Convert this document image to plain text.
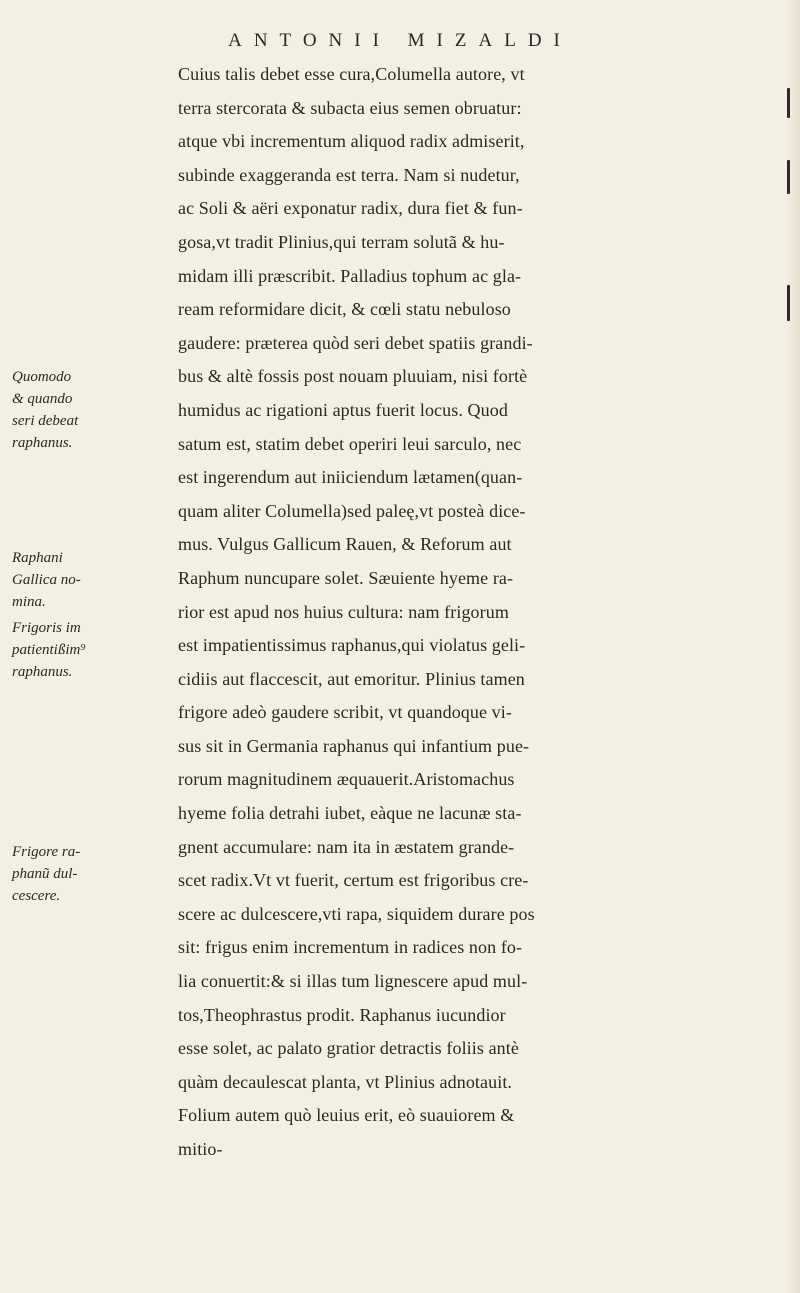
ANTONII MIZALDI
Cuius talis debet esse cura,Columella autore, vt
terra stercorata & subacta eius semen obruatur:
atque vbi incrementum aliquod radix admiserit,
subinde exaggeranda est terra. Nam si nudetur,
ac Soli & aëri exponatur radix, dura fiet & fun-
gosa,vt tradit Plinius,qui terram solutã & hu-
midam illi præscribit. Palladius tophum ac gla-
ream reformidare dicit, & cœli statu nebuloso
gaudere: præterea quòd seri debet spatiis grandi-
bus & altè fossis post nouam pluuiam, nisi fortè
humidus ac rigationi aptus fuerit locus. Quod
satum est, statim debet operiri leui sarculo, nec
est ingerendum aut iniiciendum lætamen(quan-
quam aliter Columella)sed paleę,vt posteà dice-
mus. Vulgus Gallicum Rauen, & Reforum aut
Raphum nuncupare solet. Sæuiente hyeme ra-
rior est apud nos huius cultura: nam frigorum
est impatientissimus raphanus,qui violatus geli-
cidiis aut flaccescit, aut emoritur. Plinius tamen
frigore adeò gaudere scribit, vt quandoque vi-
sus sit in Germania raphanus qui infantium pue-
rorum magnitudinem æquauerit.Aristomachus
hyeme folia detrahi iubet, eàque ne lacunæ sta-
gnent accumulare: nam ita in æstatem grande-
scet radix.Vt vt fuerit, certum est frigoribus cre-
scere ac dulcescere,vti rapa, siquidem durare pos
sit: frigus enim incrementum in radices non fo-
lia conuertit:& si illas tum lignescere apud mul-
tos,Theophrastus prodit. Raphanus iucundior
esse solet, ac palato gratior detractis foliis antè
quàm decaulescat planta, vt Plinius adnotauit.
Folium autem quò leuius erit, eò suauiorem &
mitio-
Quomodo
& quando
seri debeat
raphanus.
Raphani
Gallica no-
mina.
Frigoris im
patientißim⁹
raphanus.
Frigore ra-
phanũ dul-
cescere.
